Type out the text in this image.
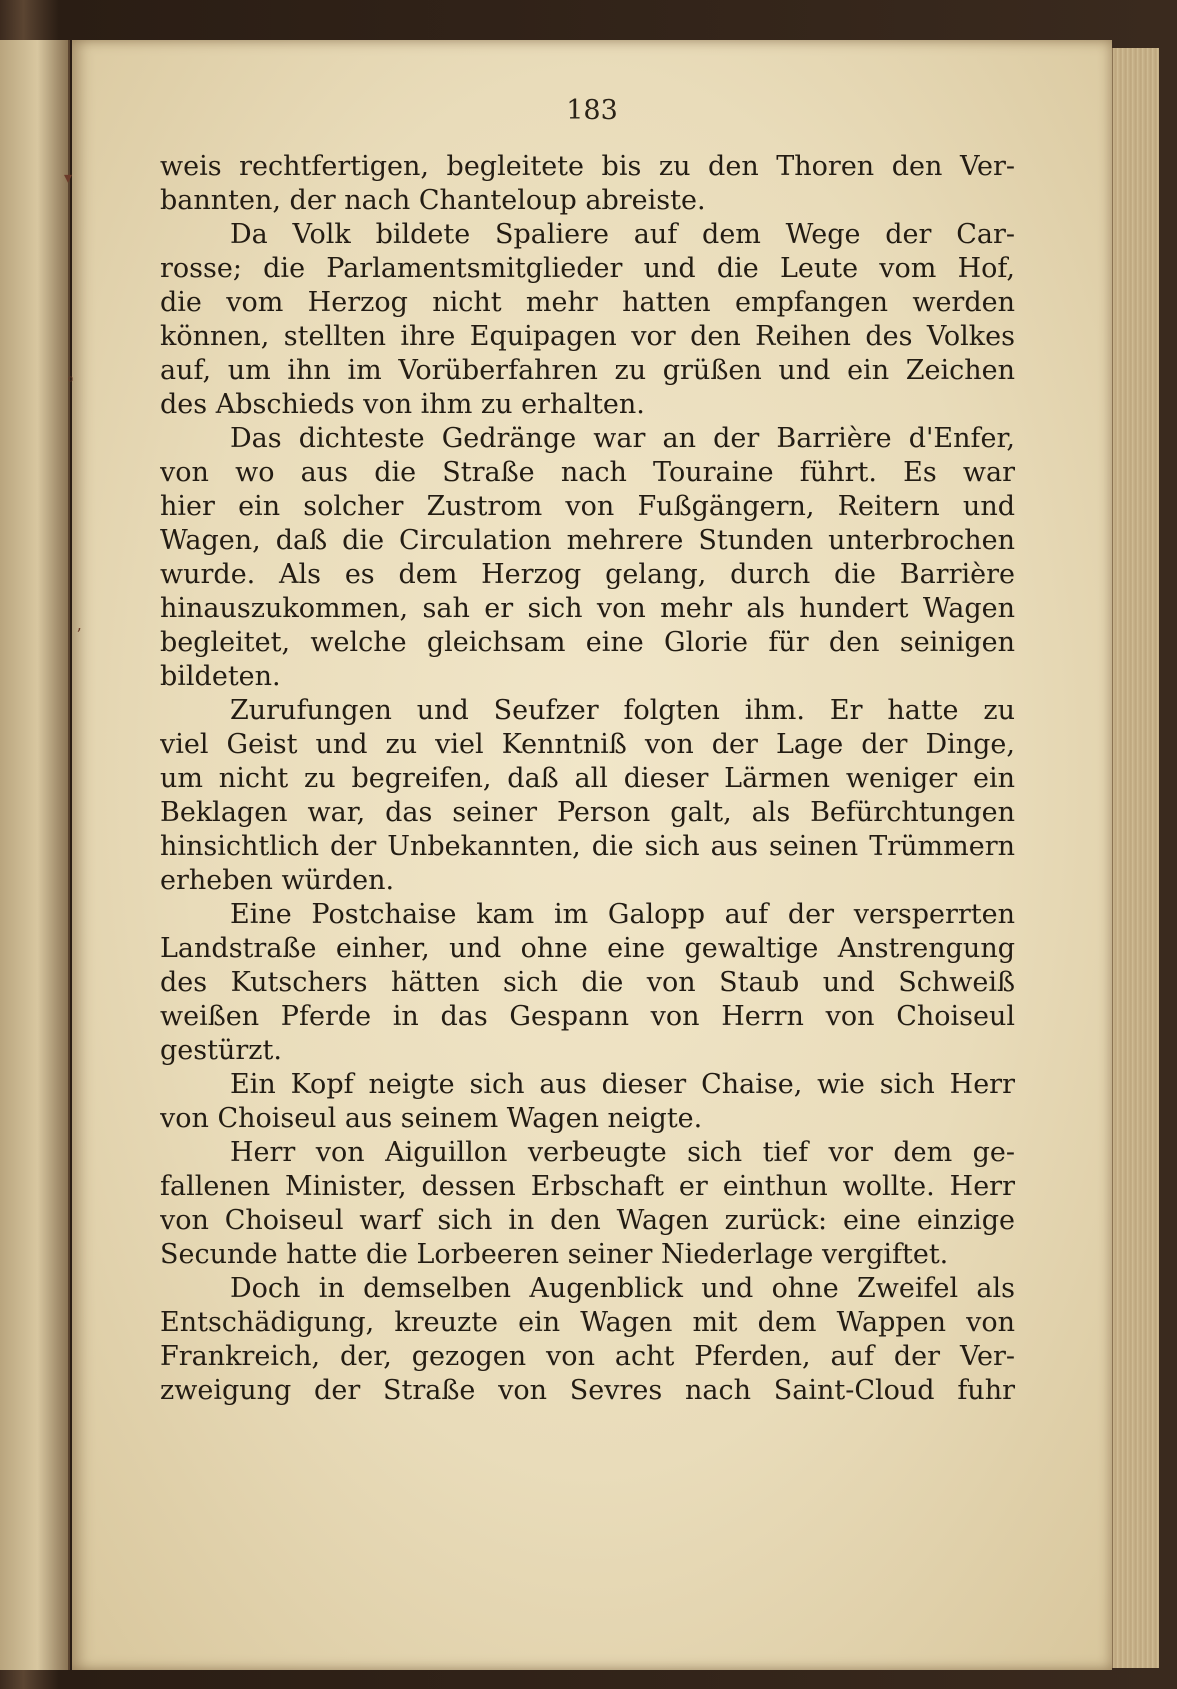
183
weis rechtfertigen, begleitete bis zu den Thoren den Ver-
bannten, der nach Chanteloup abreiste.
Da Volk bildete Spaliere auf dem Wege der Car-
rosse; die Parlamentsmitglieder und die Leute vom Hof,
die vom Herzog nicht mehr hatten empfangen werden
können, stellten ihre Equipagen vor den Reihen des Volkes
auf, um ihn im Vorüberfahren zu grüßen und ein Zeichen
des Abschieds von ihm zu erhalten.
Das dichteste Gedränge war an der Barrière d'Enfer,
von wo aus die Straße nach Touraine führt. Es war
hier ein solcher Zustrom von Fußgängern, Reitern und
Wagen, daß die Circulation mehrere Stunden unterbrochen
wurde. Als es dem Herzog gelang, durch die Barrière
hinauszukommen, sah er sich von mehr als hundert Wagen
begleitet, welche gleichsam eine Glorie für den seinigen
bildeten.
Zurufungen und Seufzer folgten ihm. Er hatte zu
viel Geist und zu viel Kenntniß von der Lage der Dinge,
um nicht zu begreifen, daß all dieser Lärmen weniger ein
Beklagen war, das seiner Person galt, als Befürchtungen
hinsichtlich der Unbekannten, die sich aus seinen Trümmern
erheben würden.
Eine Postchaise kam im Galopp auf der versperrten
Landstraße einher, und ohne eine gewaltige Anstrengung
des Kutschers hätten sich die von Staub und Schweiß
weißen Pferde in das Gespann von Herrn von Choiseul
gestürzt.
Ein Kopf neigte sich aus dieser Chaise, wie sich Herr
von Choiseul aus seinem Wagen neigte.
Herr von Aiguillon verbeugte sich tief vor dem ge-
fallenen Minister, dessen Erbschaft er einthun wollte. Herr
von Choiseul warf sich in den Wagen zurück: eine einzige
Secunde hatte die Lorbeeren seiner Niederlage vergiftet.
Doch in demselben Augenblick und ohne Zweifel als
Entschädigung, kreuzte ein Wagen mit dem Wappen von
Frankreich, der, gezogen von acht Pferden, auf der Ver-
zweigung der Straße von Sevres nach Saint-Cloud fuhr
▾
◦
ʼ
